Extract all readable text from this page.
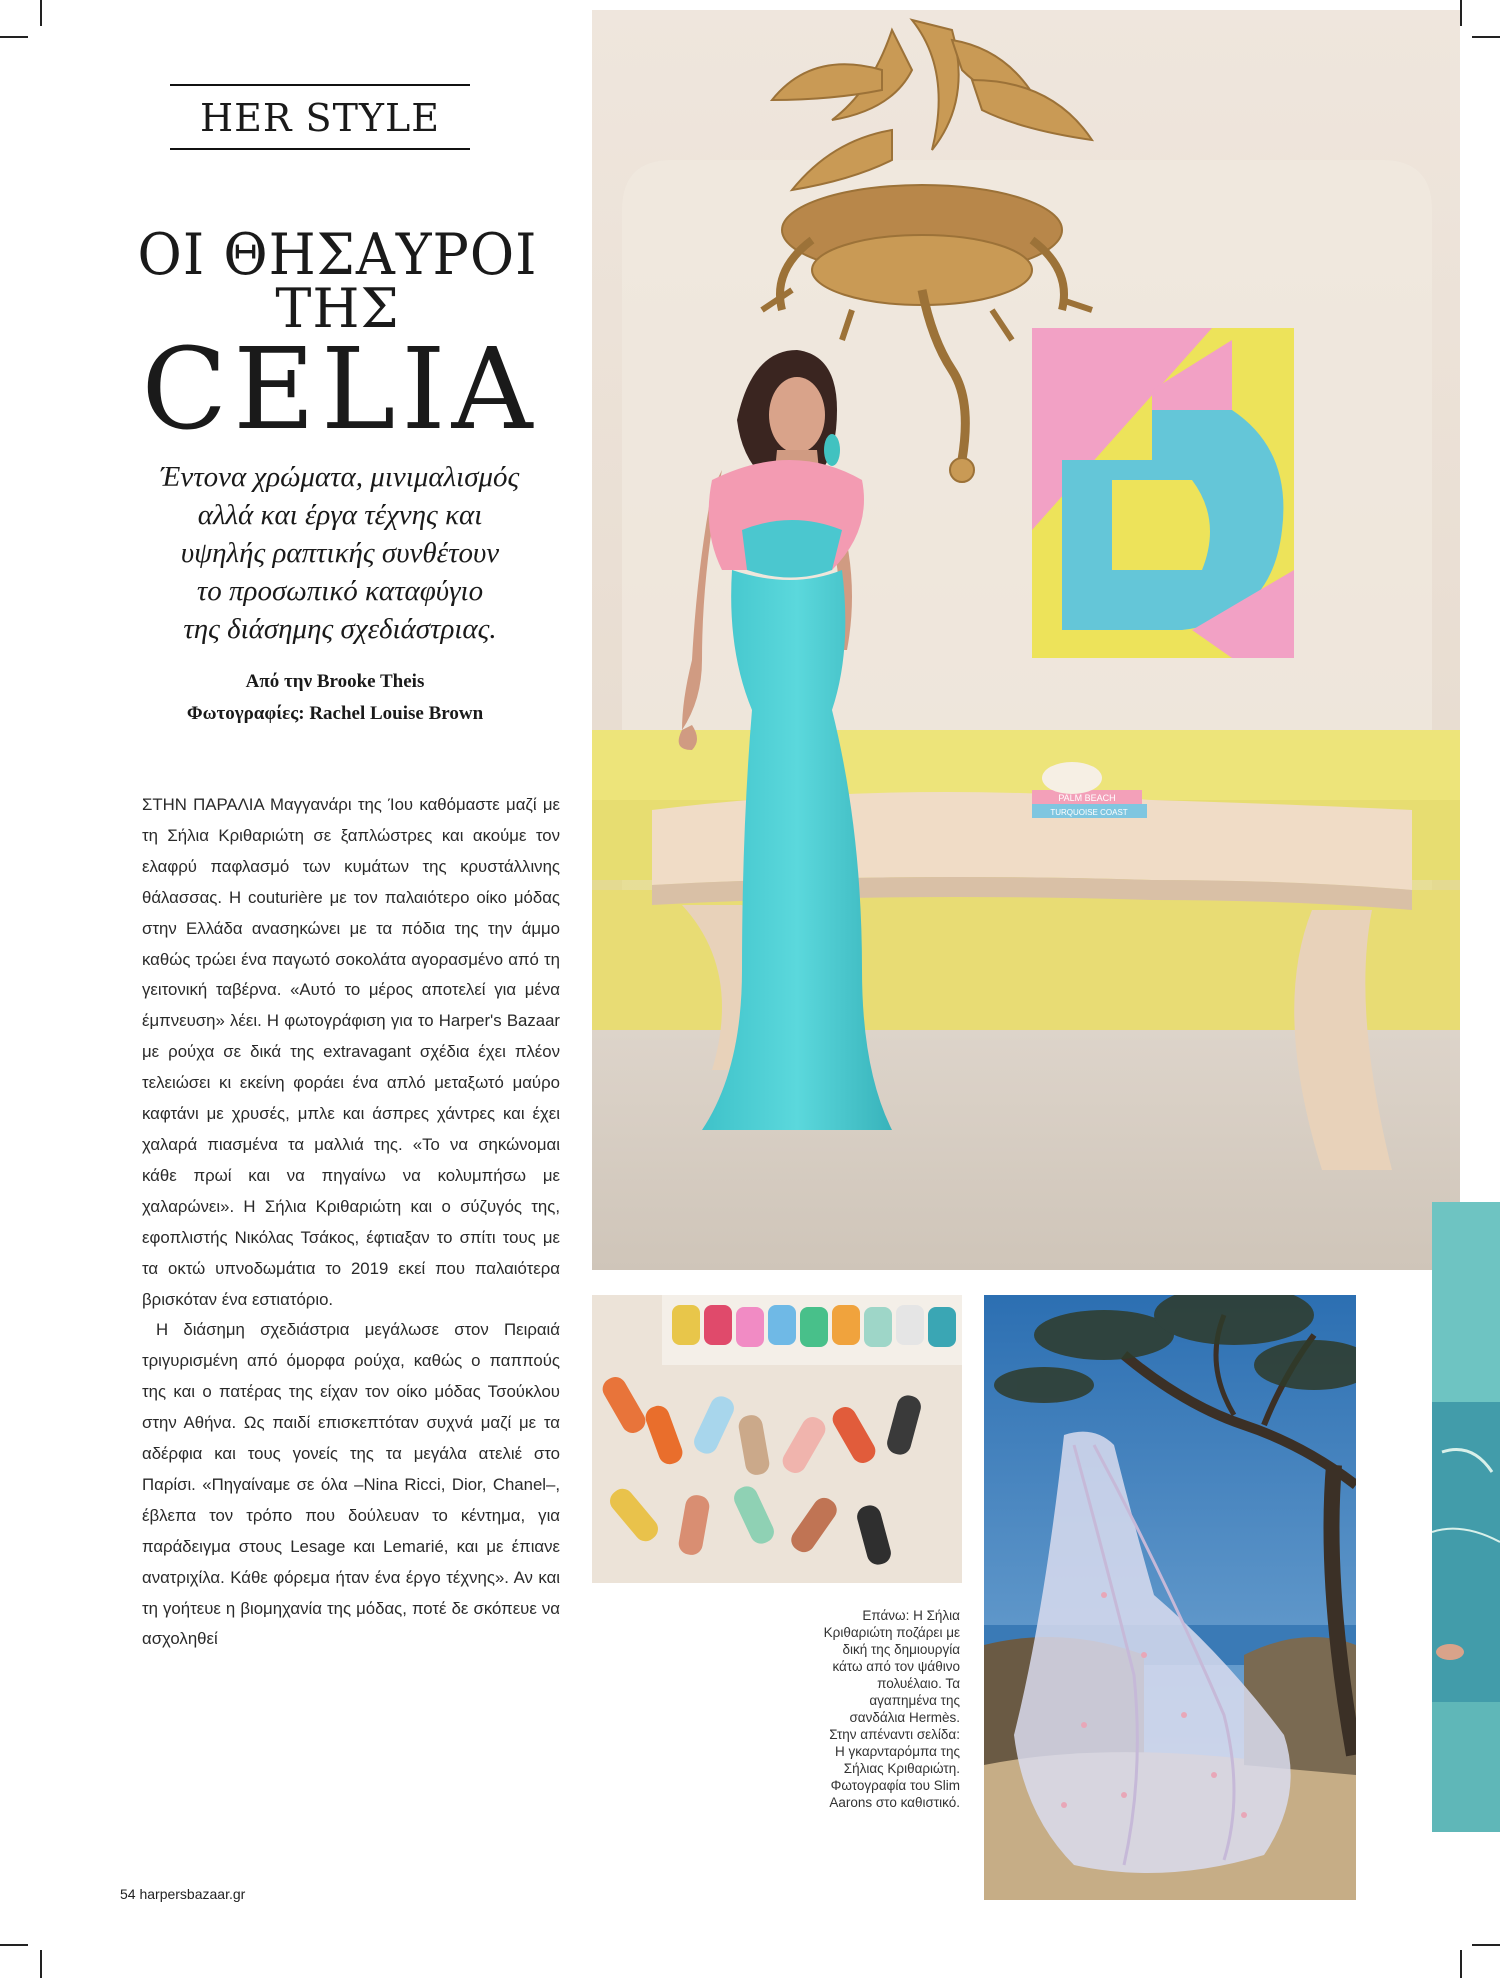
HER STYLE
ΟΙ ΘΗΣΑΥΡΟΙ
ΤΗΣ
CELIA
Έντονα χρώματα, μινιμαλισμός
αλλά και έργα τέχνης και
υψηλής ραπτικής συνθέτουν
το προσωπικό καταφύγιο
της διάσημης σχεδιάστριας.
Από την Brooke Theis
Φωτογραφίες: Rachel Louise Brown

ΣΤΗΝ ΠΑΡΑΛΙΑ Μαγγανάρι της Ίου καθόμαστε μαζί με τη Σήλια Κριθαριώτη σε ξαπλώστρες και ακούμε τον ελαφρύ παφλασμό των κυμάτων της κρυστάλλινης θάλασσας. Η couturière με τον παλαιότερο οίκο μόδας στην Ελλάδα ανασηκώνει με τα πόδια της την άμμο καθώς τρώει ένα παγωτό σοκολάτα αγορασμένο από τη γειτονική ταβέρνα. «Αυτό το μέρος αποτελεί για μένα έμπνευση» λέει. Η φωτογράφιση για το Harper's Bazaar με ρούχα σε δικά της extravagant σχέδια έχει πλέον τελειώσει κι εκείνη φοράει ένα απλό μεταξωτό μαύρο καφτάνι με χρυσές, μπλε και άσπρες χάντρες και έχει χαλαρά πιασμένα τα μαλλιά της. «Το να σηκώνομαι κάθε πρωί και να πηγαίνω να κολυμπήσω με χαλαρώνει». Η Σήλια Κριθαριώτη και ο σύζυγός της, εφοπλιστής Νικόλας Τσάκος, έφτιαξαν το σπίτι τους με τα οκτώ υπνοδωμάτια το 2019 εκεί που παλαιότερα βρισκόταν ένα εστιατόριο.

Η διάσημη σχεδιάστρια μεγάλωσε στον Πειραιά τριγυρισμένη από όμορφα ρούχα, καθώς ο παππούς της και ο πατέρας της είχαν τον οίκο μόδας Τσούκλου στην Αθήνα. Ως παιδί επισκεπτόταν συχνά μαζί με τα αδέρφια και τους γονείς της τα μεγάλα ατελιέ στο Παρίσι. «Πηγαίναμε σε όλα –Nina Ricci, Dior, Chanel–, έβλεπα τον τρόπο που δούλευαν το κέντημα, για παράδειγμα στους Lesage και Lemarié, και με έπιανε ανατριχίλα. Κάθε φόρεμα ήταν ένα έργο τέχνης». Αν και τη γοήτευε η βιομηχανία της μόδας, ποτέ δε σκόπευε να ασχοληθεί

54 harpersbazaar.gr
PALM BEACH
TURQUOISE COAST
Επάνω: Η Σήλια
Κριθαριώτη ποζάρει με
δική της δημιουργία
κάτω από τον ψάθινο
πολυέλαιο. Τα
αγαπημένα της
σανδάλια Hermès.
Στην απέναντι σελίδα:
Η γκαρνταρόμπα της
Σήλιας Κριθαριώτη.
Φωτογραφία του Slim
Aarons στο καθιστικό.
